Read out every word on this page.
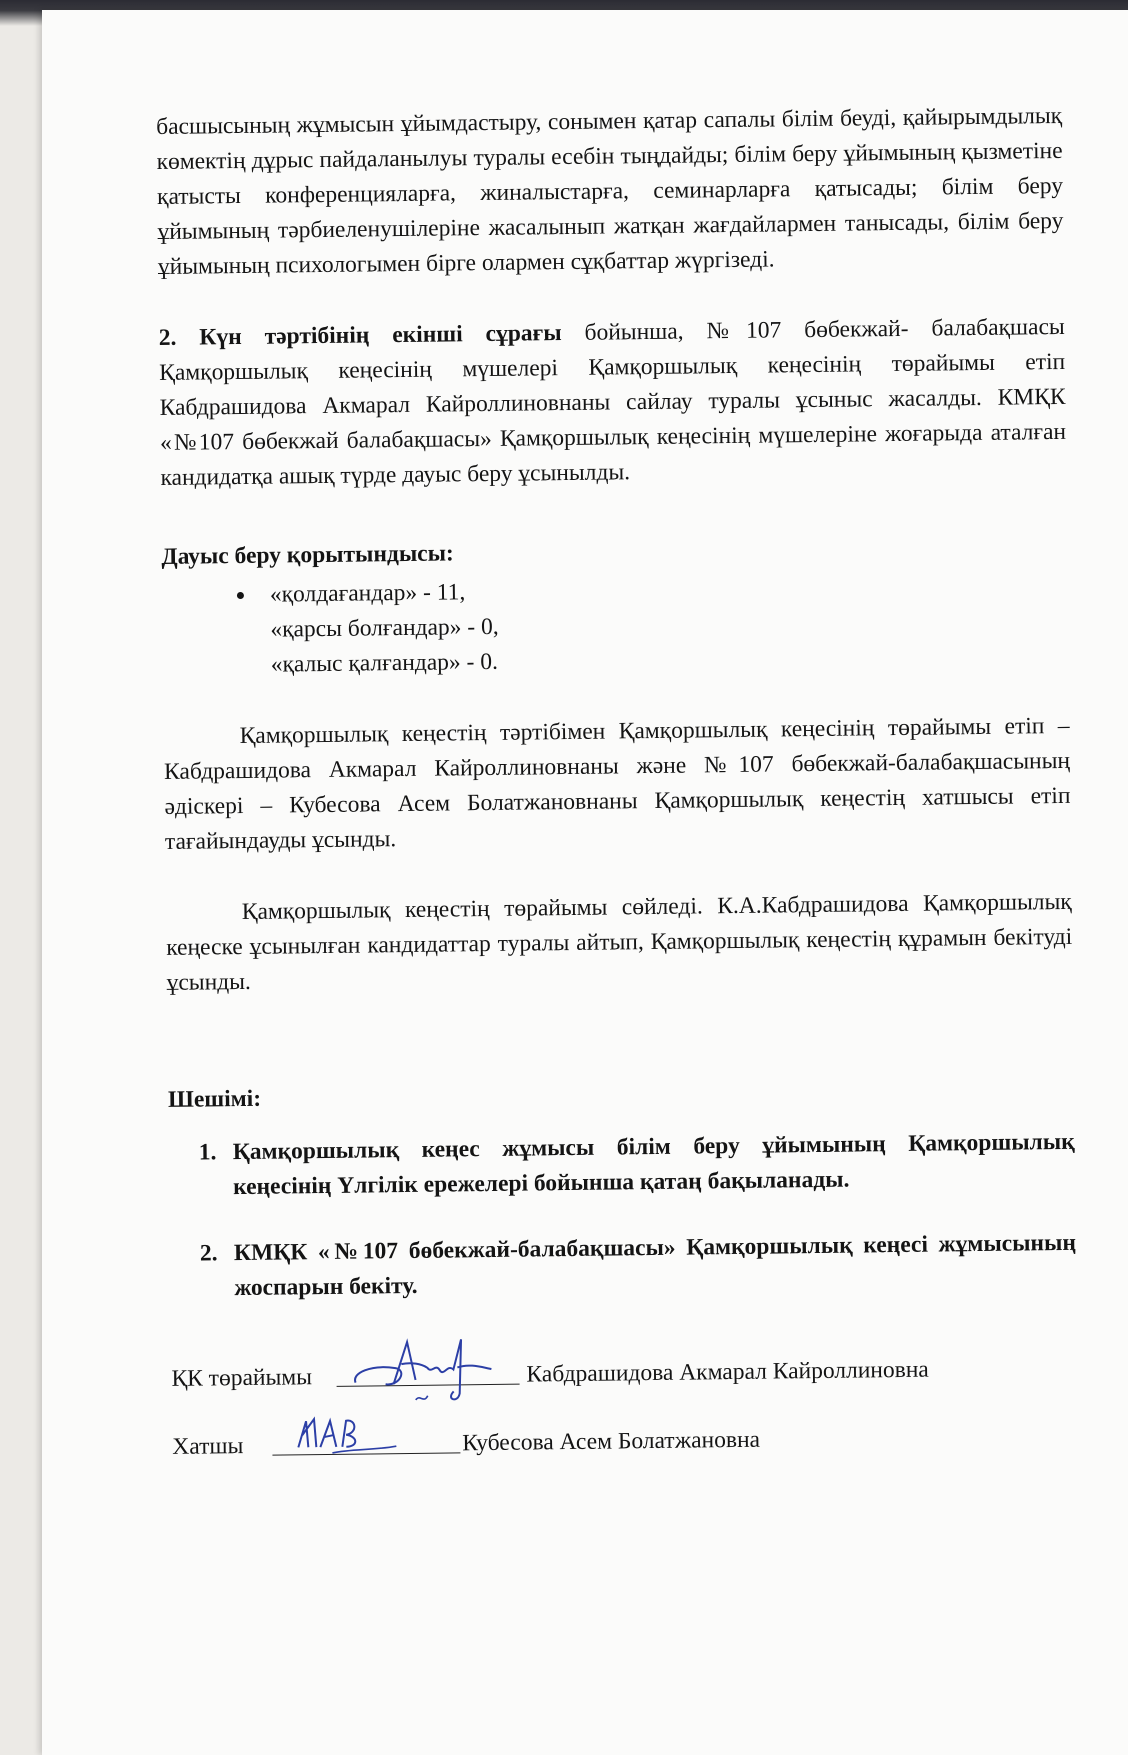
басшысының жұмысын ұйымдастыру, сонымен қатар сапалы білім беуді, қайырымдылық көмектің дұрыс пайдаланылуы туралы есебін тыңдайды; білім беру ұйымының қызметіне қатысты конференцияларға, жиналыстарға, семинарларға қатысады; білім беру ұйымының тәрбиеленушілеріне жасалынып жатқан жағдайлармен танысады, білім беру ұйымының психологымен бірге олармен сұқбаттар жүргізеді.

2. Күн тәртібінің екінші сұрағы бойынша, №107 бөбекжай- балабақшасы Қамқоршылық кеңесінің мүшелері Қамқоршылық кеңесінің төрайымы етіп Кабдрашидова Акмарал Кайроллиновнаны сайлау туралы ұсыныс жасалды. КМҚК «№107 бөбекжай балабақшасы» Қамқоршылық кеңесінің мүшелеріне жоғарыда аталған кандидатқа ашық түрде дауыс беру ұсынылды.

Дауыс беру қорытындысы:

«қолдағандар» - 11,
«қарсы болғандар» - 0,
«қалыс қалғандар» - 0.

Қамқоршылық кеңестің тәртібімен Қамқоршылық кеңесінің төрайымы етіп – Кабдрашидова Акмарал Кайроллиновнаны және №107 бөбекжай-балабақшасының әдіскері – Кубесова Асем Болатжановнаны Қамқоршылық кеңестің хатшысы етіп тағайындауды ұсынды.

Қамқоршылық кеңестің төрайымы сөйледі. К.А.Кабдрашидова Қамқоршылық кеңеске ұсынылған кандидаттар туралы айтып, Қамқоршылық кеңестің құрамын бекітуді ұсынды.

Шешімі:

1. Қамқоршылық кеңес жұмысы білім беру ұйымының Қамқоршылық кеңесінің Үлгілік ережелері бойынша қатаң бақыланады.
2. КМҚК «№107 бөбекжай-балабақшасы» Қамқоршылық кеңесі жұмысының жоспарын бекіту.
ҚК төрайымы	Кабдрашидова Акмарал Кайроллиновна
Хатшы	Кубесова Асем Болатжановна
